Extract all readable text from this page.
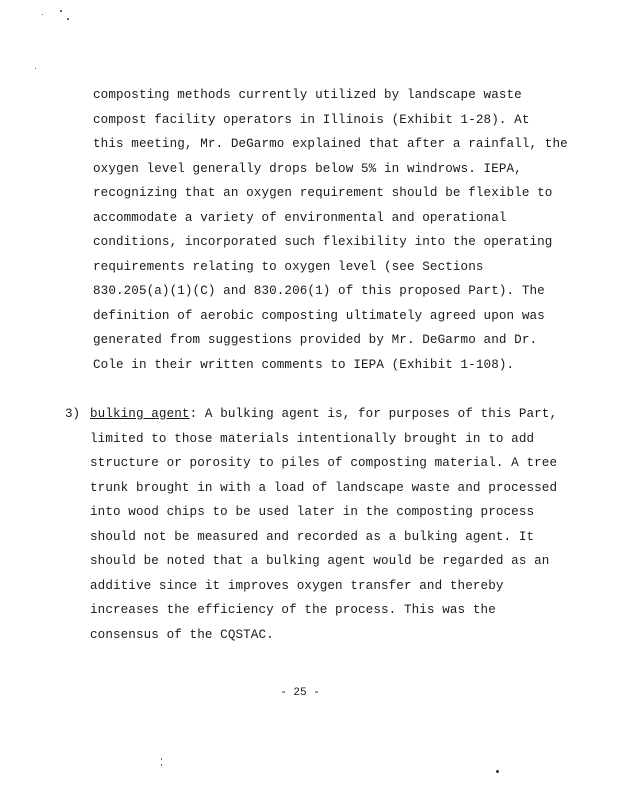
composting methods currently utilized by landscape waste
compost facility operators in Illinois (Exhibit 1-28). At
this meeting, Mr. DeGarmo explained that after a rainfall, the
oxygen level generally drops below 5% in windrows. IEPA,
recognizing that an oxygen requirement should be flexible to
accommodate a variety of environmental and operational
conditions, incorporated such flexibility into the operating
requirements relating to oxygen level (see Sections
830.205(a)(1)(C) and 830.206(1) of this proposed Part). The
definition of aerobic composting ultimately agreed upon was
generated from suggestions provided by Mr. DeGarmo and Dr.
Cole in their written comments to IEPA (Exhibit 1-108).
3) bulking agent: A bulking agent is, for purposes of this Part,
limited to those materials intentionally brought in to add
structure or porosity to piles of composting material. A tree
trunk brought in with a load of landscape waste and processed
into wood chips to be used later in the composting process
should not be measured and recorded as a bulking agent. It
should be noted that a bulking agent would be regarded as an
additive since it improves oxygen transfer and thereby
increases the efficiency of the process. This was the
consensus of the CQSTAC.
- 25 -
